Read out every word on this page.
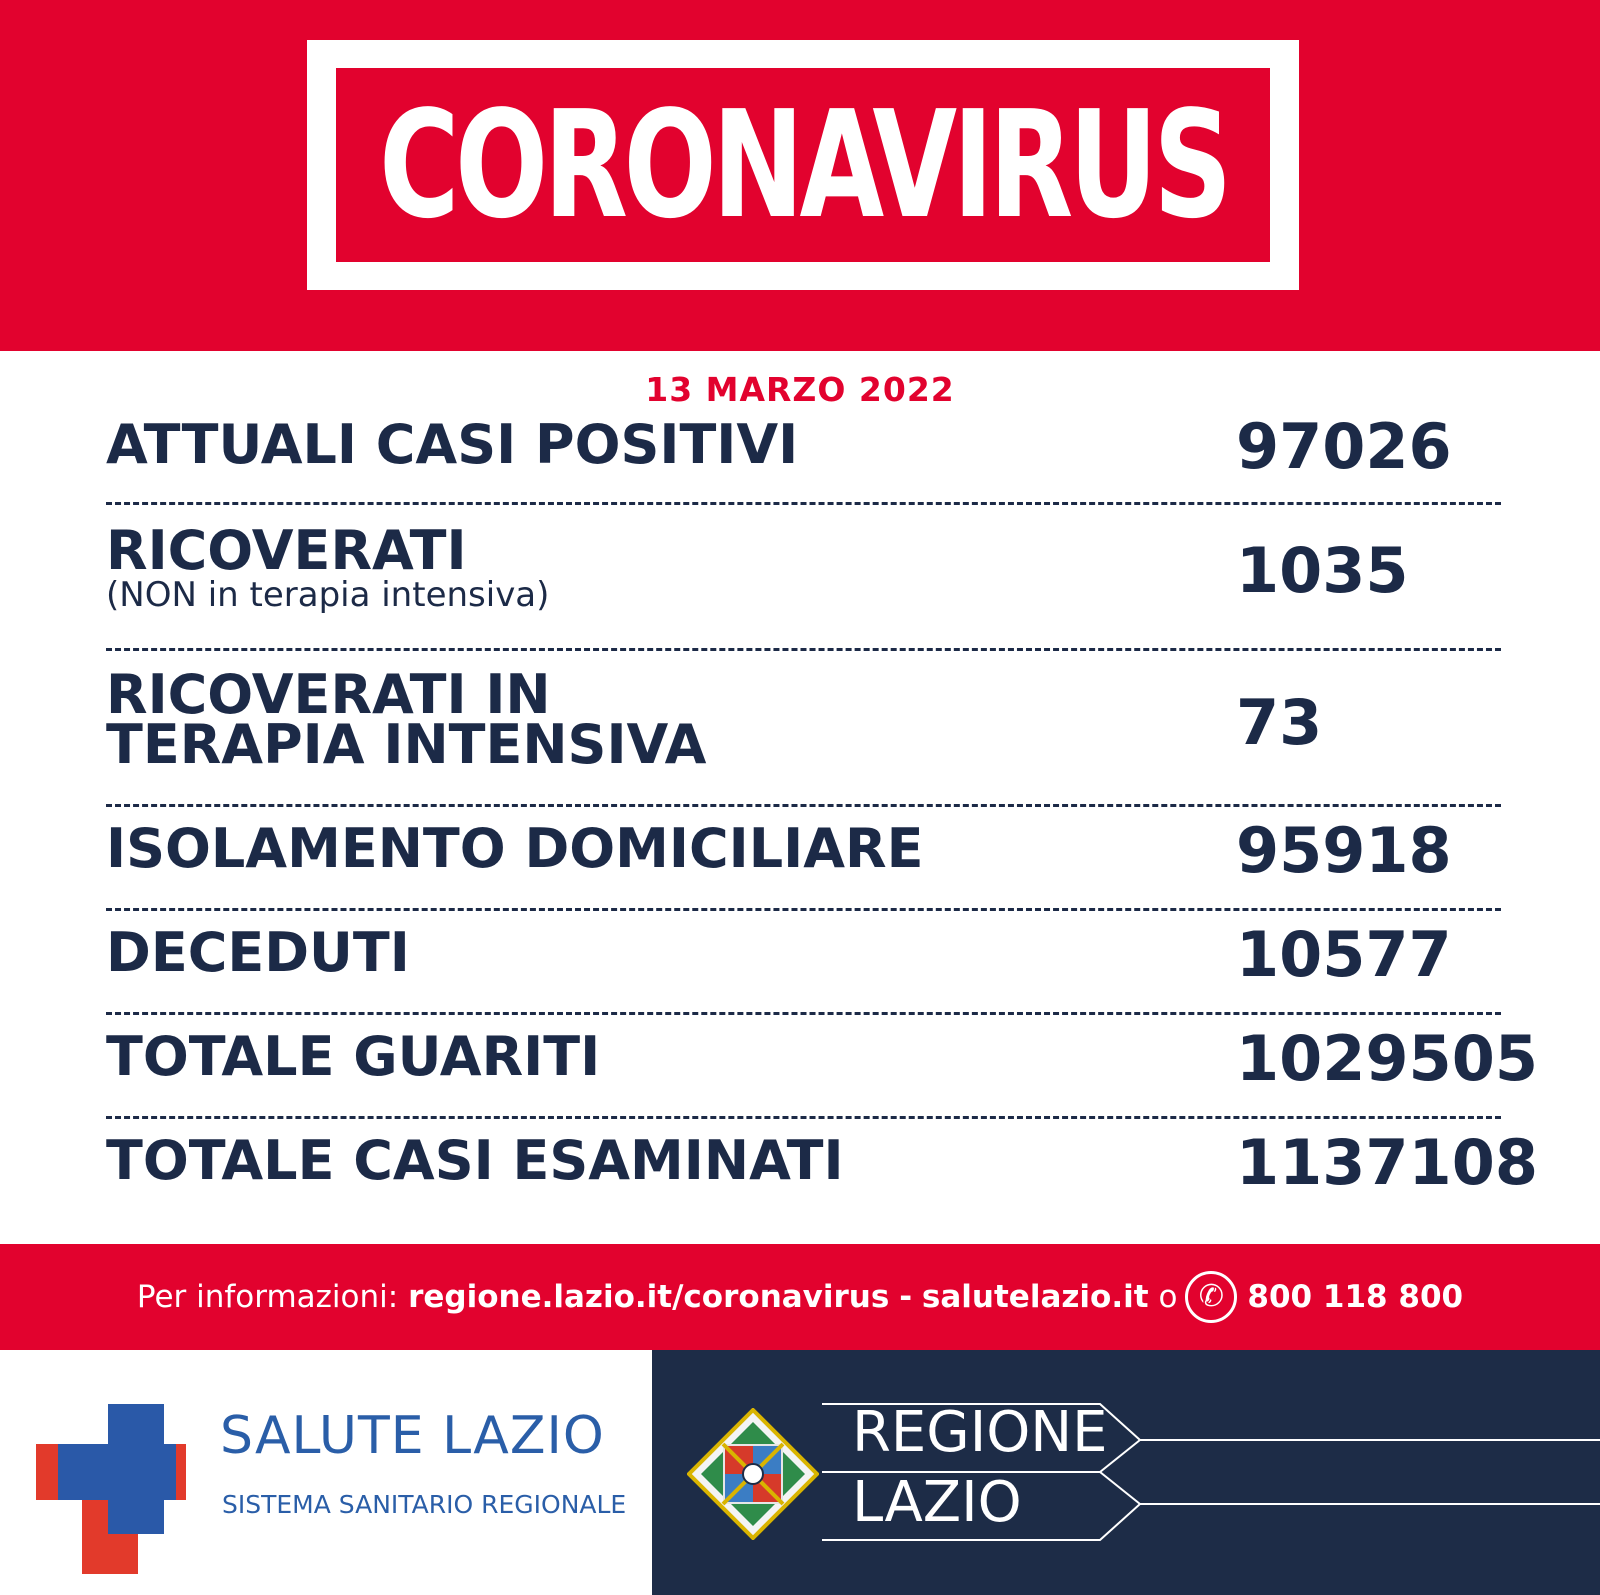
CORONAVIRUS
13 MARZO 2022
ATTUALI CASI POSITIVI	97026
RICOVERATI
(NON in terapia intensiva)	1035
RICOVERATI IN
TERAPIA INTENSIVA	73
ISOLAMENTO DOMICILIARE	95918
DECEDUTI	10577
TOTALE GUARITI	1029505
TOTALE CASI ESAMINATI	1137108
Per informazioni:
regione.lazio.it/coronavirus
-
salutelazio.it
o ✆ 800 118 800
SALUTE LAZIO
SISTEMA SANITARIO REGIONALE
REGIONE
LAZIO
